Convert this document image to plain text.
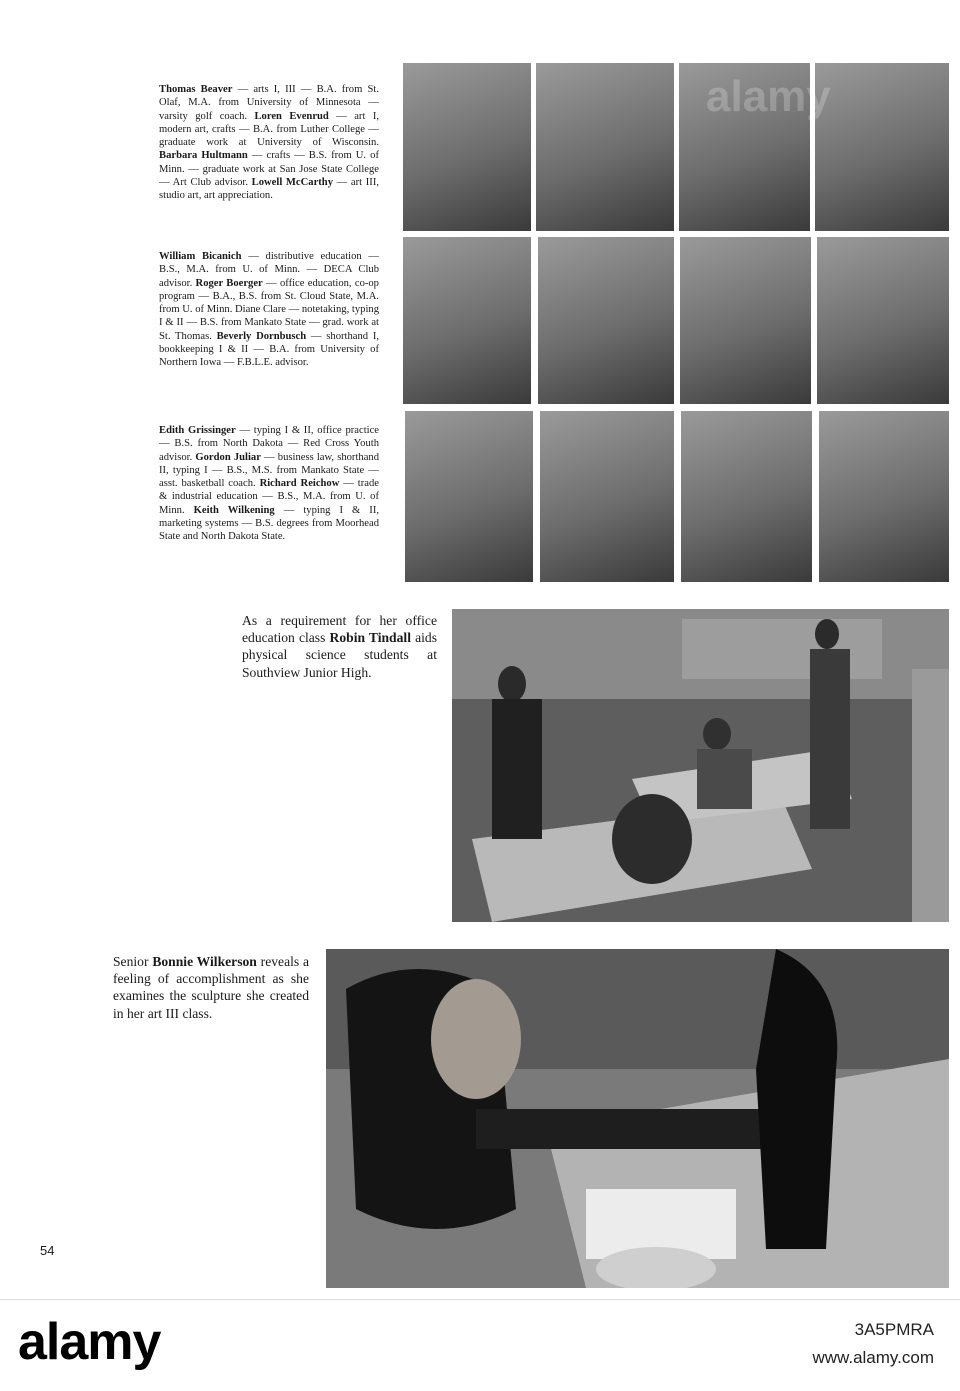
Thomas Beaver — arts I, III — B.A. from St. Olaf, M.A. from University of Minnesota — varsity golf coach. Loren Evenrud — art I, modern art, crafts — B.A. from Luther College — graduate work at University of Wisconsin. Barbara Hultmann — crafts — B.S. from U. of Minn. — graduate work at San Jose State College — Art Club advisor. Lowell McCarthy — art III, studio art, art appreciation.
William Bicanich — distributive education — B.S., M.A. from U. of Minn. — DECA Club advisor. Roger Boerger — office education, co-op program — B.A., B.S. from St. Cloud State, M.A. from U. of Minn. Diane Clare — notetaking, typing I & II — B.S. from Mankato State — grad. work at St. Thomas. Beverly Dornbusch — shorthand I, bookkeeping I & II — B.A. from University of Northern Iowa — F.B.L.E. advisor.
Edith Grissinger — typing I & II, office practice — B.S. from North Dakota — Red Cross Youth advisor. Gordon Juliar — business law, shorthand II, typing I — B.S., M.S. from Mankato State — asst. basketball coach. Richard Reichow — trade & industrial education — B.S., M.A. from U. of Minn. Keith Wilkening — typing I & II, marketing systems — B.S. degrees from Moorhead State and North Dakota State.
As a requirement for her office education class Robin Tindall aids physical science students at Southview Junior High.
Senior Bonnie Wilkerson reveals a feeling of accomplishment as she examines the sculpture she created in her art III class.
alamy
54
alamy	3A5PMRA
www.alamy.com
